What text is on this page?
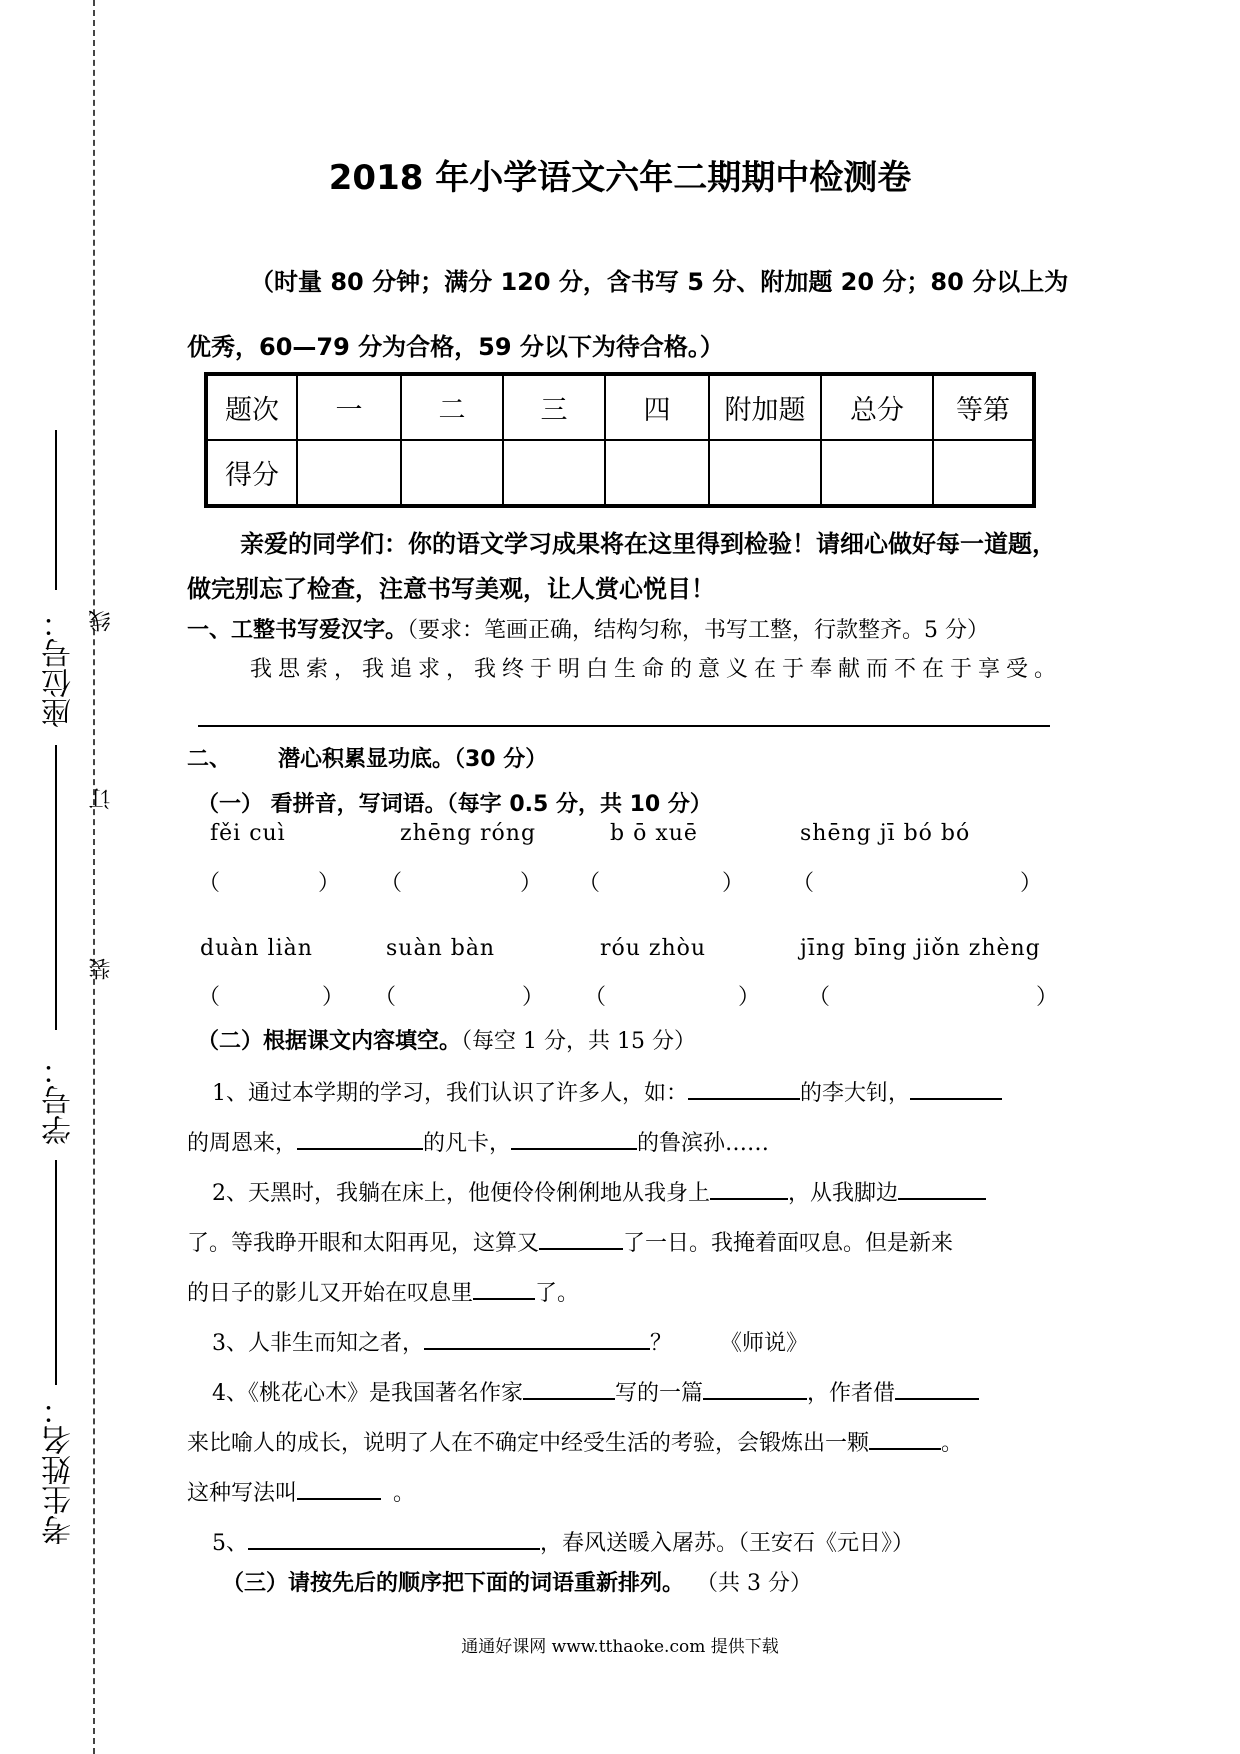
座位号：
学号：
考生姓名：
线
订
装
2018 年小学语文六年二期期中检测卷
（时量 80 分钟；满分 120 分，含书写 5 分、附加题 20 分；80 分以上为
优秀，60—79 分为合格，59 分以下为待合格。）
题次	一	二	三	四	附加题	总分	等第
得分							
亲爱的同学们：你的语文学习成果将在这里得到检验！请细心做好每一道题，
做完别忘了检查，注意书写美观，让人赏心悦目！
一、工整书写爱汉字。（要求：笔画正确，结构匀称，书写工整，行款整齐。5 分）
我思索，我追求，我终于明白生命的意义在于奉献而不在于享受。
二、 潜心积累显功底。（30 分）
（一） 看拼音，写词语。（每字 0.5 分，共 10 分）
fěi cuì	zhēng róng	b ō xuē	shēng jī bó bó
（	） （	） （	） （	）
duàn liàn	suàn bàn	róu zhòu	jīng bīng jiǒn zhèng
（	） （	） （	） （	）
（二）根据课文内容填空。（每空 1 分，共 15 分）
1、通过本学期的学习，我们认识了许多人，如：	的李大钊，
的周恩来，	的凡卡，	的鲁滨孙……
2、天黑时，我躺在床上，他便伶伶俐俐地从我身上	，从我脚边
了。等我睁开眼和太阳再见，这算又	了一日。我掩着面叹息。但是新来
的日子的影儿又开始在叹息里	了。
3、人非生而知之者，	？ 《师说》
4、《桃花心木》是我国著名作家	写的一篇	，作者借
来比喻人的成长，说明了人在不确定中经受生活的考验，会锻炼出一颗	。
这种写法叫	。
5、	，春风送暖入屠苏。（王安石《元日》）
（三）请按先后的顺序把下面的词语重新排列。 （共 3 分）
通通好课网 www.tthaoke.com 提供下载
